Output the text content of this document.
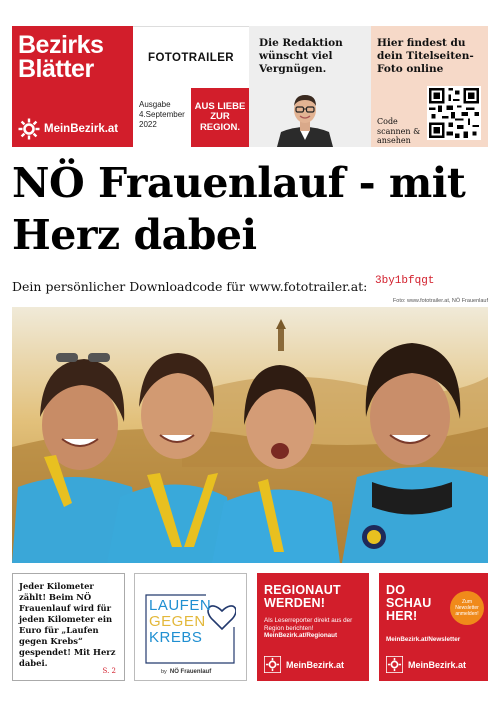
Bezirks Blätter
MeinBezirk.at
FOTOTRAILER
Ausgabe
4.September 2022
AUS LIEBE ZUR REGION.

Die Redaktion wünscht viel Vergnügen.

Hier findest du dein Titelseiten-Foto online

Code scannen & ansehen
NÖ Frauenlauf - mit Herz dabei
Dein persönlicher Downloadcode für www.fototrailer.at: 3by1bfqgt
Foto: www.fototrailer.at, NÖ Frauenlauf

Jeder Kilometer zählt! Beim NÖ Frauenlauf wird für jeden Kilometer ein Euro für „Laufen gegen Krebs“ gespendet! Mit Herz dabei.

S. 2
LAUFEN
GEGEN
KREBS
by NÖ Frauenlauf
REGIONAUT
WERDEN!
Als Leserreporter direkt aus der Region berichten!
MeinBezirk.at/Regionaut
MeinBezirk.at
DO
SCHAU
HER!
Zum Newsletter anmelden!
MeinBezirk.at/Newsletter
MeinBezirk.at
